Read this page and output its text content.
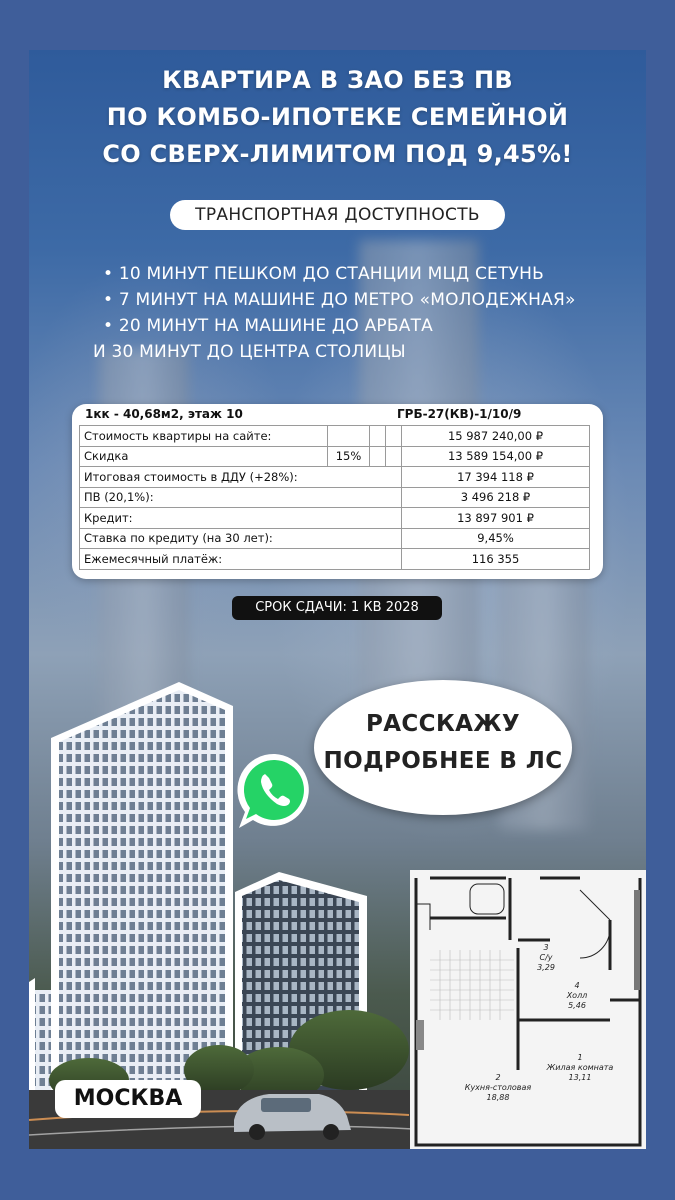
КВАРТИРА В ЗАО БЕЗ ПВ
ПО КОМБО-ИПОТЕКЕ СЕМЕЙНОЙ
СО СВЕРХ-ЛИМИТОМ ПОД 9,45%!
ТРАНСПОРТНАЯ ДОСТУПНОСТЬ
• 10 МИНУТ ПЕШКОМ ДО СТАНЦИИ МЦД СЕТУНЬ
• 7 МИНУТ НА МАШИНЕ ДО МЕТРО «МОЛОДЕЖНАЯ»
• 20 МИНУТ НА МАШИНЕ ДО АРБАТА
И 30 МИНУТ ДО ЦЕНТРА СТОЛИЦЫ
1кк - 40,68м2, этаж 10	ГРБ-27(КВ)-1/10/9
Стоимость квартиры на сайте:				15 987 240,00 ₽
Скидка	15%			13 589 154,00 ₽
Итоговая стоимость в ДДУ (+28%):				17 394 118 ₽
ПВ (20,1%):				3 496 218 ₽
Кредит:				13 897 901 ₽
Ставка по кредиту (на 30 лет):				9,45%
Ежемесячный платёж:				116 355
СРОК СДАЧИ: 1 КВ 2028
РАССКАЖУ
ПОДРОБНЕЕ В ЛС
МОСКВА
3
С/у
3,29
4
Холл
5,46
2
Кухня-столовая
18,88
1
Жилая комната
13,11
